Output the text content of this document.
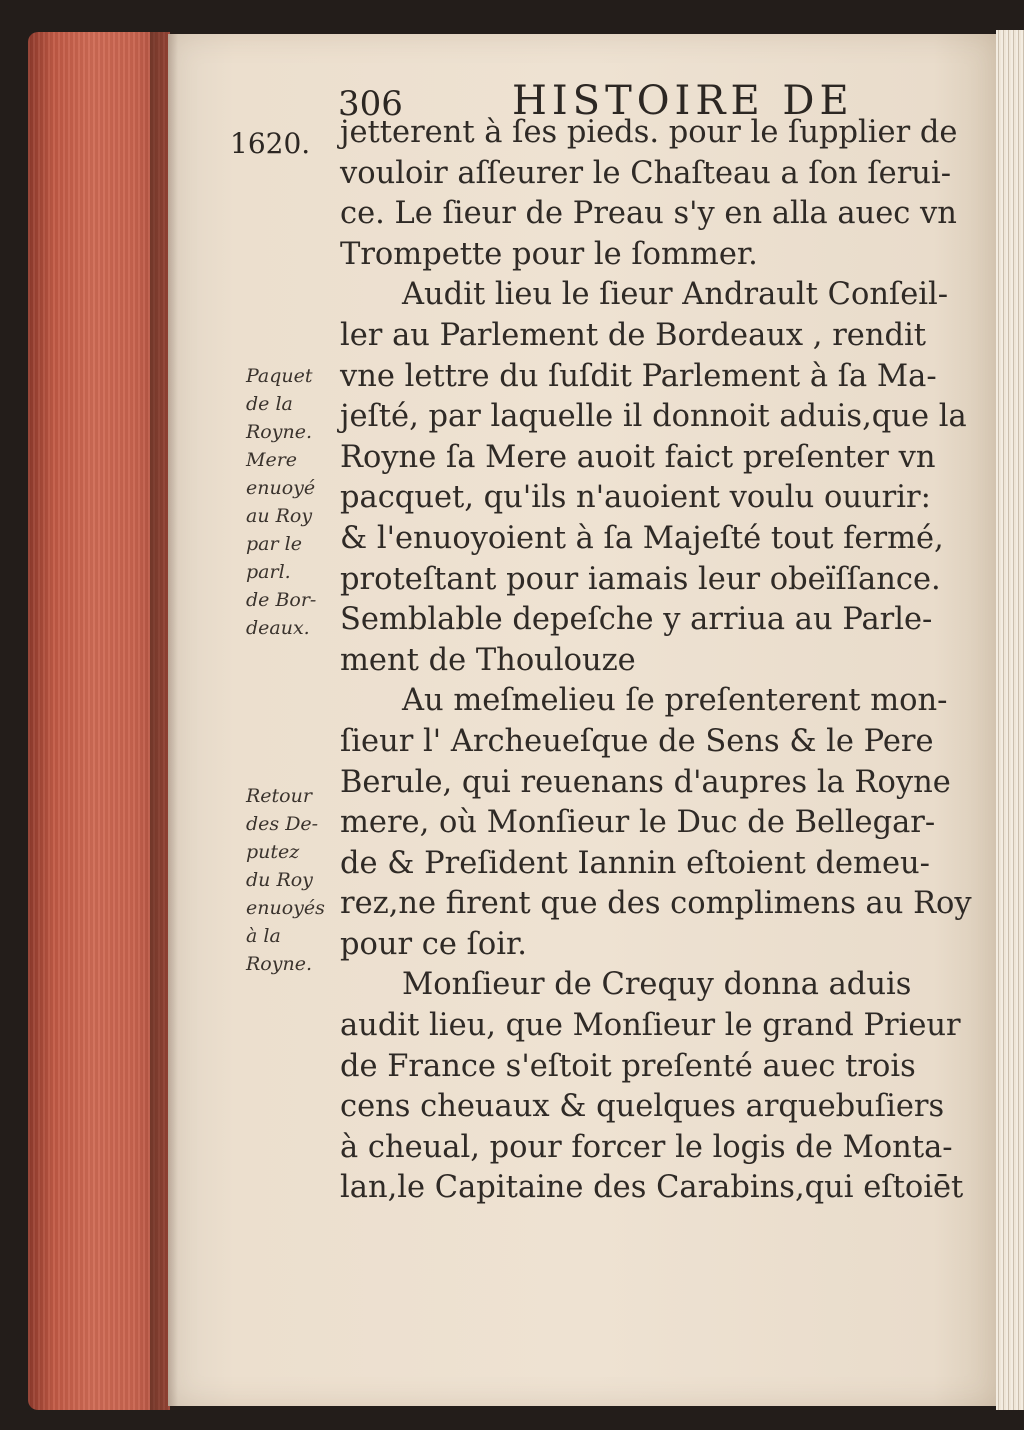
306	HISTOIRE DE
1620. jetterent à ſes pieds. pour le ſupplier de
vouloir aſſeurer le Chaſteau a ſon ſerui-
ce. Le ſieur de Preau s'y en alla auec vn
Trompette pour le ſommer.
Audit lieu le ſieur Andrault Conſeil-
ler au Parlement de Bordeaux , rendit
vne lettre du ſuſdit Parlement à ſa Ma-
jeſté, par laquelle il donnoit aduis,que la
Royne ſa Mere auoit faict preſenter vn
pacquet, qu'ils n'auoient voulu ouurir:
& l'enuoyoient à ſa Majeſté tout fermé,
proteſtant pour iamais leur obeïſſance.
Semblable depeſche y arriua au Parle-
ment de Thoulouze
Au meſmelieu ſe preſenterent mon-
ſieur l' Archeueſque de Sens & le Pere
Berule, qui reuenans d'aupres la Royne
mere, où Monſieur le Duc de Bellegar-
de & Preſident Iannin eſtoient demeu-
rez,ne firent que des complimens au Roy
pour ce ſoir.
Monſieur de Crequy donna aduis
audit lieu, que Monſieur le grand Prieur
de France s'eſtoit preſenté auec trois
cens cheuaux & quelques arquebuſiers
à cheual, pour forcer le logis de Monta-
lan,le Capitaine des Carabins,qui eſtoiēt
Paquet
de la
Royne.
Mere
enuoyé
au Roy
par le
parl.
de Bor-
deaux.
Retour
des De-
putez
du Roy
enuoyés
à la
Royne.
